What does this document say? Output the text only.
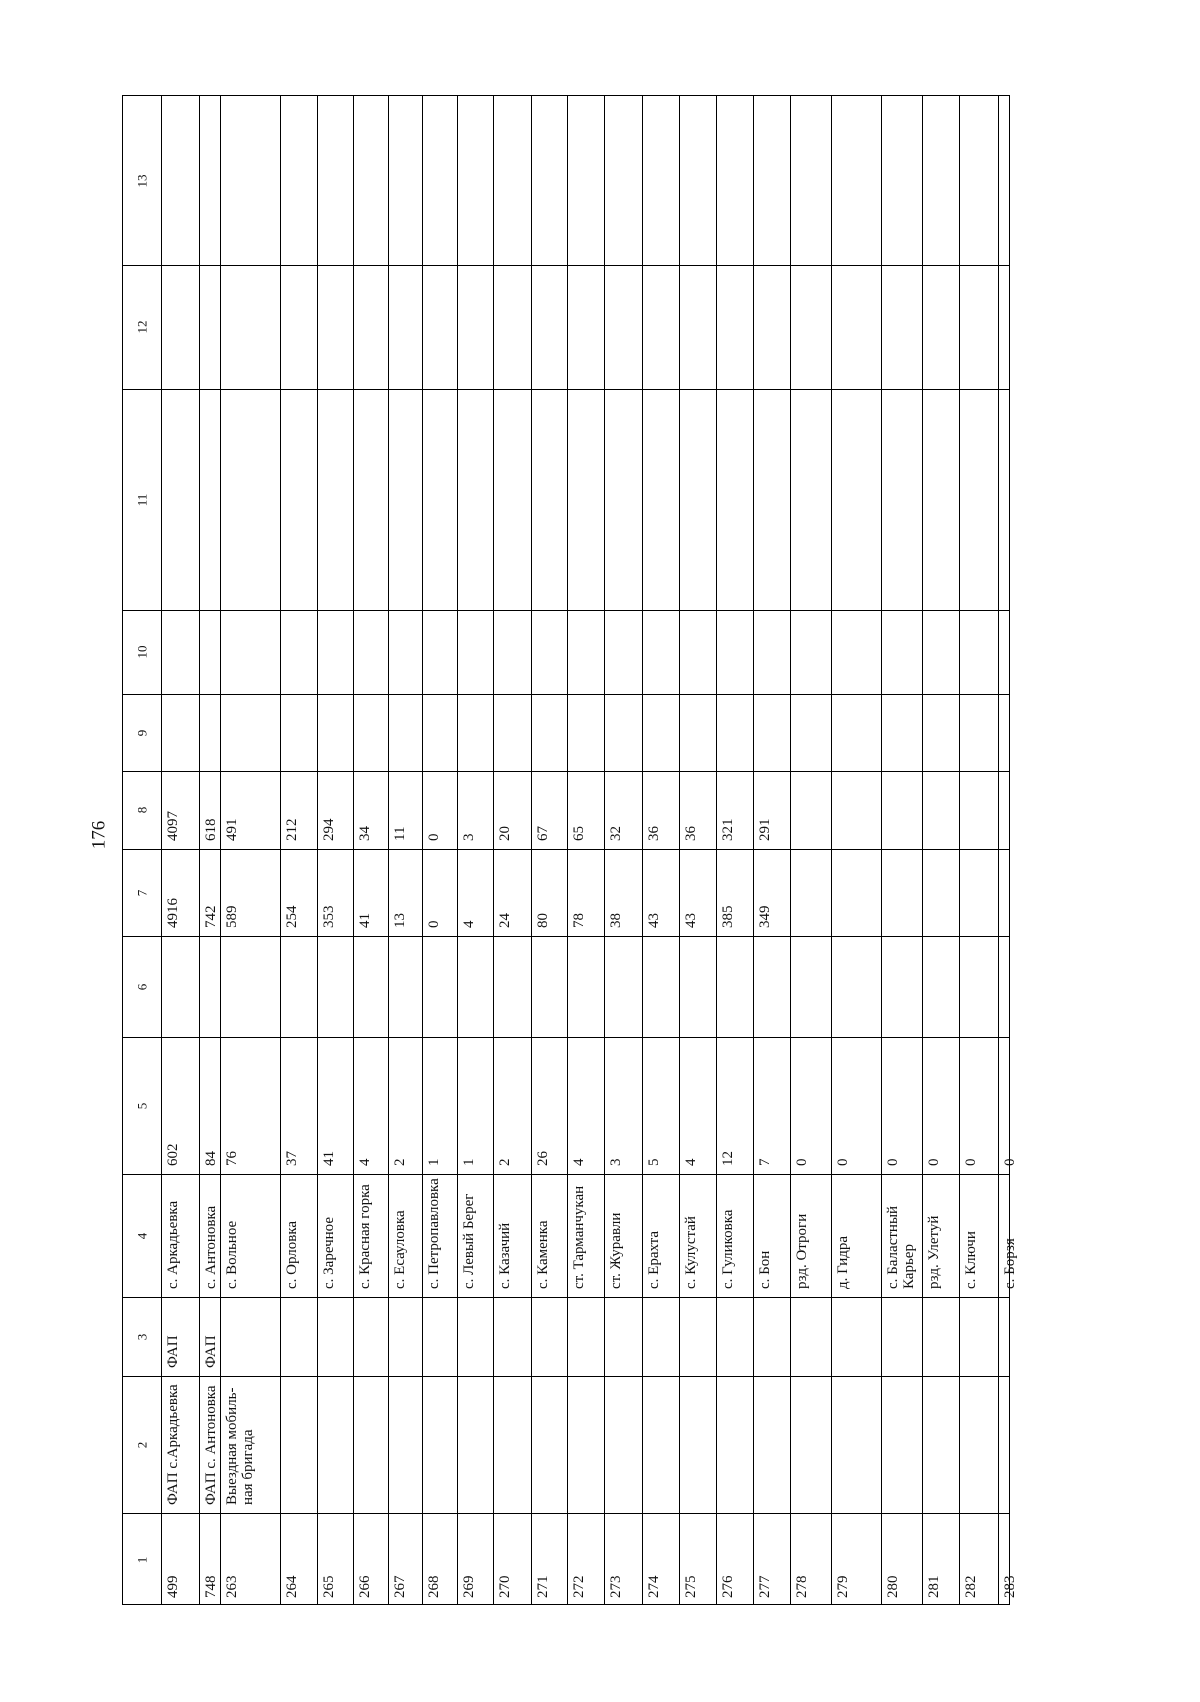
176
1
2
3
4
5
6
7
8
9
10
11
12
13
499
ФАП с.Аркадьевка
ФАП
с. Аркадьевка
602
4916
4097
748
ФАП с. Антоновка
ФАП
с. Антоновка
84
742
618
263
Выездная мобиль-
ная бригада
с. Вольное
76
589
491
264
с. Орловка
37
254
212
265
с. Заречное
41
353
294
266
с. Красная горка
4
41
34
267
с. Есауловка
2
13
11
268
с. Петропавловка
1
0
0
269
с. Левый Берег
1
4
3
270
с. Казачий
2
24
20
271
с. Каменка
26
80
67
272
ст. Тарманчукан
4
78
65
273
ст. Журавли
3
38
32
274
с. Ерахта
5
43
36
275
с. Кулустай
4
43
36
276
с. Гуликовка
12
385
321
277
с. Бон
7
349
291
278
рзд. Отроги
0
279
д. Гидра
0
280
с. Баластный
Карьер
0
281
рзд. Улетуй
0
282
с. Ключи
0
283
с. Борзя
0
